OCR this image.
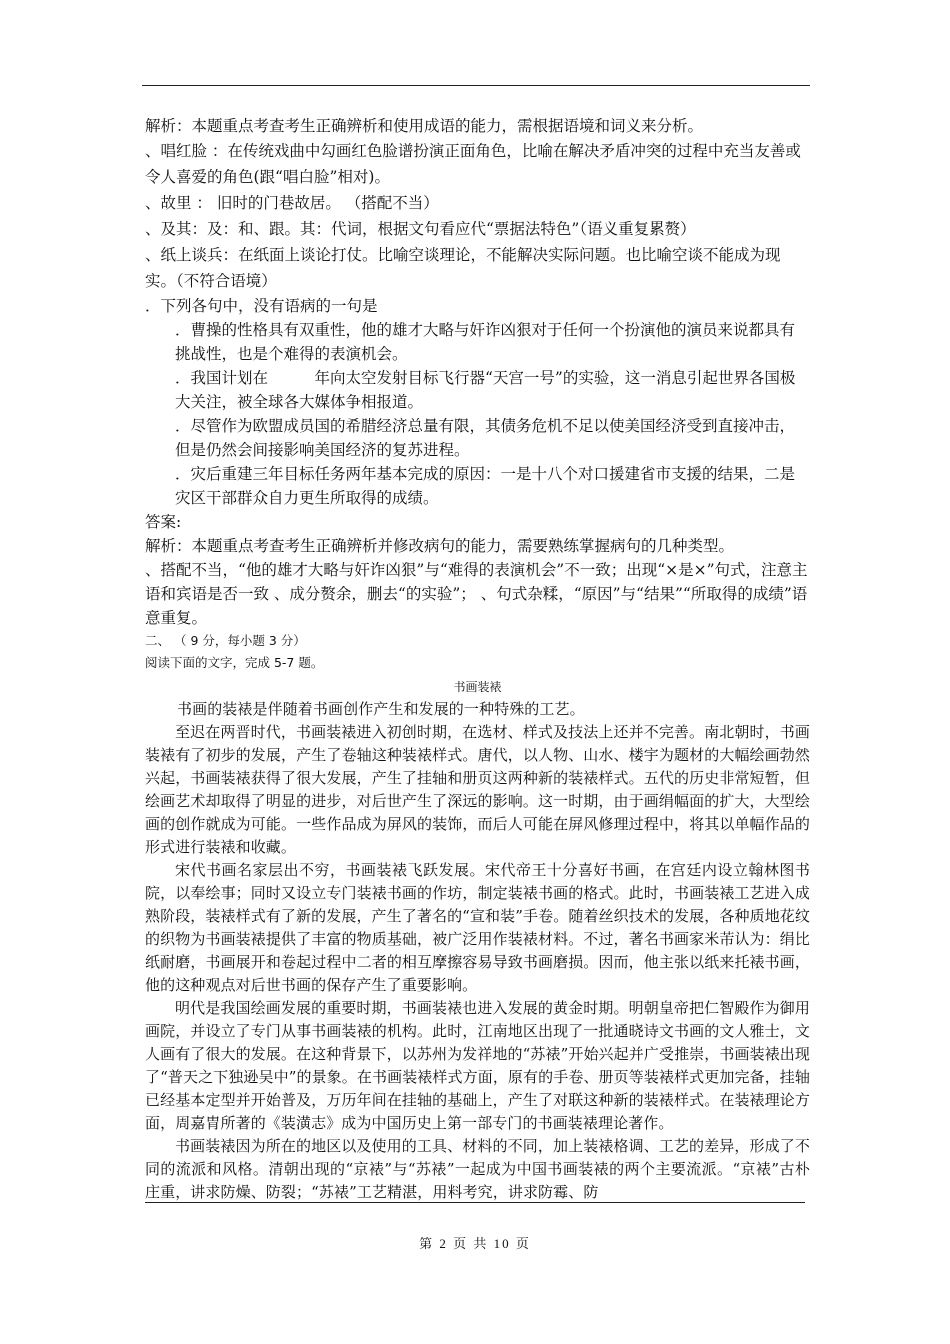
解析：本题重点考查考生正确辨析和使用成语的能力，需根据语境和词义来分析。

、唱红脸 ：在传统戏曲中勾画红色脸谱扮演正面角色，比喻在解决矛盾冲突的过程中充当友善或令人喜爱的角色(跟“唱白脸”相对)。

、故里 ： 旧时的门巷故居。 （搭配不当）

、及其：及：和、跟。其：代词，根据文句看应代“票据法特色”（语义重复累赘）

、纸上谈兵：在纸面上谈论打仗。比喻空谈理论，不能解决实际问题。也比喻空谈不能成为现实。（不符合语境）

．下列各句中，没有语病的一句是

．曹操的性格具有双重性，他的雄才大略与奸诈凶狠对于任何一个扮演他的演员来说都具有挑战性，也是个难得的表演机会。

．我国计划在　　　年向太空发射目标飞行器“天宫一号”的实验，这一消息引起世界各国极大关注，被全球各大媒体争相报道。

．尽管作为欧盟成员国的希腊经济总量有限，其债务危机不足以使美国经济受到直接冲击，但是仍然会间接影响美国经济的复苏进程。

．灾后重建三年目标任务两年基本完成的原因：一是十八个对口援建省市支援的结果，二是灾区干部群众自力更生所取得的成绩。

答案:

解析：本题重点考查考生正确辨析并修改病句的能力，需要熟练掌握病句的几种类型。

、搭配不当，“他的雄才大略与奸诈凶狠”与“难得的表演机会”不一致；出现“×是×”句式，注意主语和宾语是否一致 、成分赘余，删去“的实验”； 、句式杂糅，“原因”与“结果”“所取得的成绩”语意重复。

二、 （ 9 分，每小题 3 分）

阅读下面的文字，完成 5-7 题。

书画装裱

书画的装裱是伴随着书画创作产生和发展的一种特殊的工艺。

至迟在两晋时代，书画装裱进入初创时期，在选材、样式及技法上还并不完善。南北朝时，书画装裱有了初步的发展，产生了卷轴这种装裱样式。唐代，以人物、山水、楼宇为题材的大幅绘画勃然兴起，书画装裱获得了很大发展，产生了挂轴和册页这两种新的装裱样式。五代的历史非常短暂，但绘画艺术却取得了明显的进步，对后世产生了深远的影响。这一时期，由于画绢幅面的扩大，大型绘画的创作就成为可能。一些作品成为屏风的装饰，而后人可能在屏风修理过程中，将其以单幅作品的形式进行装裱和收藏。

宋代书画名家层出不穷，书画装裱飞跃发展。宋代帝王十分喜好书画，在宫廷内设立翰林图书院，以奉绘事；同时又设立专门装裱书画的作坊，制定装裱书画的格式。此时，书画装裱工艺进入成熟阶段，装裱样式有了新的发展，产生了著名的“宣和装”手卷。随着丝织技术的发展，各种质地花纹的织物为书画装裱提供了丰富的物质基础，被广泛用作装裱材料。不过，著名书画家米芾认为：绢比纸耐磨，书画展开和卷起过程中二者的相互摩擦容易导致书画磨损。因而，他主张以纸来托裱书画，他的这种观点对后世书画的保存产生了重要影响。

明代是我国绘画发展的重要时期，书画装裱也进入发展的黄金时期。明朝皇帝把仁智殿作为御用画院，并设立了专门从事书画装裱的机构。此时，江南地区出现了一批通晓诗文书画的文人雅士，文人画有了很大的发展。在这种背景下，以苏州为发祥地的“苏裱”开始兴起并广受推崇，书画装裱出现了“普天之下独逊吴中”的景象。在书画装裱样式方面，原有的手卷、册页等装裱样式更加完备，挂轴已经基本定型并开始普及，万历年间在挂轴的基础上，产生了对联这种新的装裱样式。在装裱理论方面，周嘉胄所著的《装潢志》成为中国历史上第一部专门的书画装裱理论著作。

书画装裱因为所在的地区以及使用的工具、材料的不同，加上装裱格调、工艺的差异，形成了不同的流派和风格。清朝出现的“京裱”与“苏裱”一起成为中国书画装裱的两个主要流派。“京裱”古朴庄重，讲求防燥、防裂；“苏裱”工艺精湛，用料考究，讲求防霉、防

第 2 页 共 10 页
